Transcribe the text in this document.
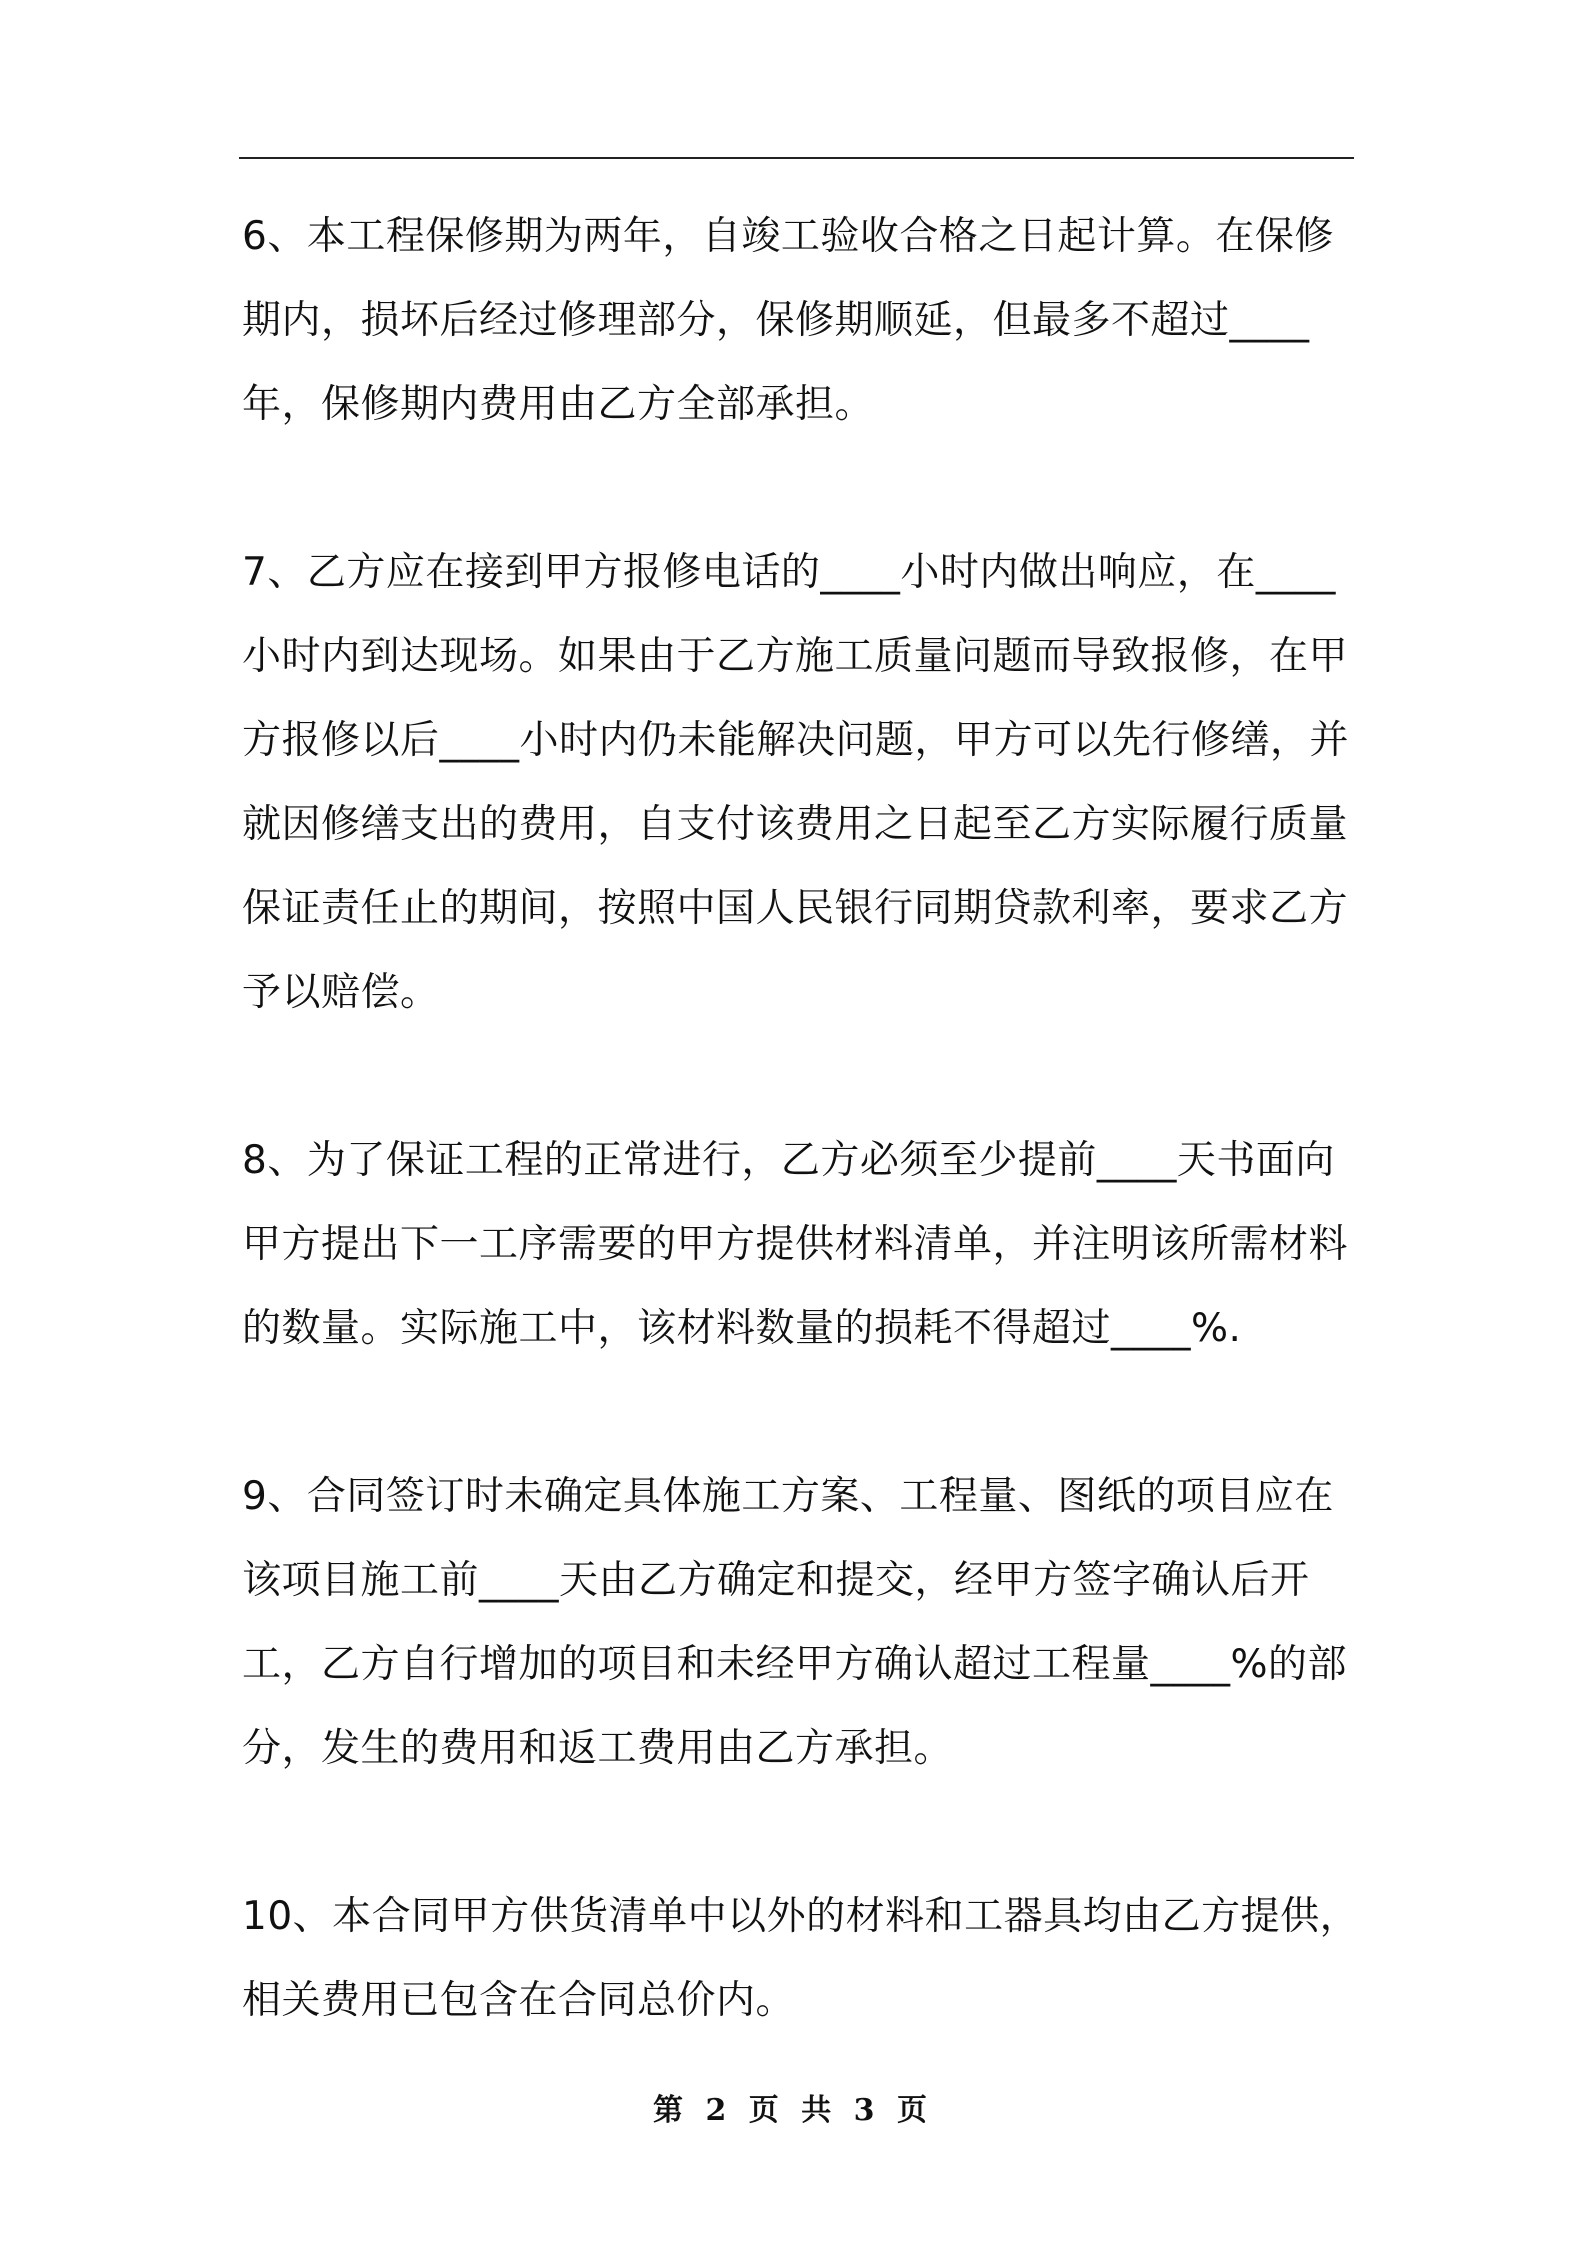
6、本工程保修期为两年，自竣工验收合格之日起计算。在保修期内，损坏后经过修理部分，保修期顺延，但最多不超过____年，保修期内费用由乙方全部承担。

7、乙方应在接到甲方报修电话的____小时内做出响应，在____小时内到达现场。如果由于乙方施工质量问题而导致报修，在甲方报修以后____小时内仍未能解决问题，甲方可以先行修缮，并就因修缮支出的费用，自支付该费用之日起至乙方实际履行质量保证责任止的期间，按照中国人民银行同期贷款利率，要求乙方予以赔偿。

8、为了保证工程的正常进行，乙方必须至少提前____天书面向甲方提出下一工序需要的甲方提供材料清单，并注明该所需材料的数量。实际施工中，该材料数量的损耗不得超过____%.

9、合同签订时未确定具体施工方案、工程量、图纸的项目应在该项目施工前____天由乙方确定和提交，经甲方签字确认后开工，乙方自行增加的项目和未经甲方确认超过工程量____%的部分，发生的费用和返工费用由乙方承担。

10、本合同甲方供货清单中以外的材料和工器具均由乙方提供，相关费用已包含在合同总价内。

第 2 页 共 3 页
